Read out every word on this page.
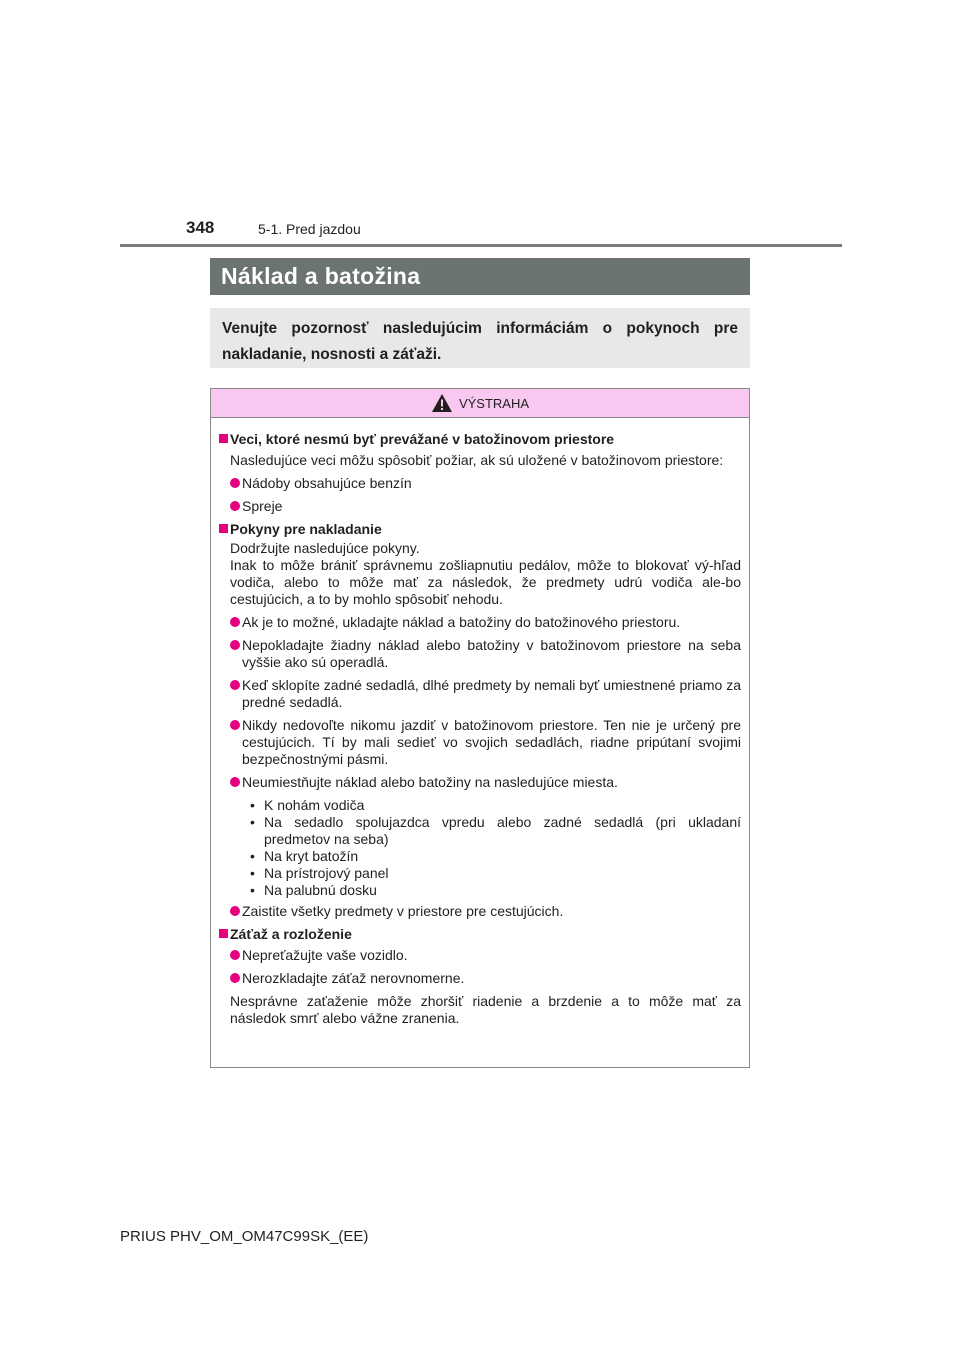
348	5-1. Pred jazdou
Náklad a batožina
Venujte pozornosť nasledujúcim informáciám o pokynoch pre nakladanie, nosnosti a záťaži.
VÝSTRAHA
Veci, ktoré nesmú byť prevážané v batožinovom priestore
Nasledujúce veci môžu spôsobiť požiar, ak sú uložené v batožinovom priestore:
Nádoby obsahujúce benzín
Spreje
Pokyny pre nakladanie
Dodržujte nasledujúce pokyny.
Inak to môže brániť správnemu zošliapnutiu pedálov, môže to blokovať vý-hľad vodiča, alebo to môže mať za následok, že predmety udrú vodiča ale-bo cestujúcich, a to by mohlo spôsobiť nehodu.
Ak je to možné, ukladajte náklad a batožiny do batožinového priestoru.
Nepokladajte žiadny náklad alebo batožiny v batožinovom priestore na seba vyššie ako sú operadlá.
Keď sklopíte zadné sedadlá, dlhé predmety by nemali byť umiestnené priamo za predné sedadlá.
Nikdy nedovoľte nikomu jazdiť v batožinovom priestore. Ten nie je určený pre cestujúcich. Tí by mali sedieť vo svojich sedadlách, riadne pripútaní svojimi bezpečnostnými pásmi.
Neumiestňujte náklad alebo batožiny na nasledujúce miesta.
• K nohám vodiča
• Na sedadlo spolujazdca vpredu alebo zadné sedadlá (pri ukladaní predmetov na seba)
• Na kryt batožín
• Na prístrojový panel
• Na palubnú dosku
Zaistite všetky predmety v priestore pre cestujúcich.
Záťaž a rozloženie
Nepreťažujte vaše vozidlo.
Nerozkladajte záťaž nerovnomerne.
Nesprávne zaťaženie môže zhoršiť riadenie a brzdenie a to môže mať za následok smrť alebo vážne zranenia.
PRIUS PHV_OM_OM47C99SK_(EE)
